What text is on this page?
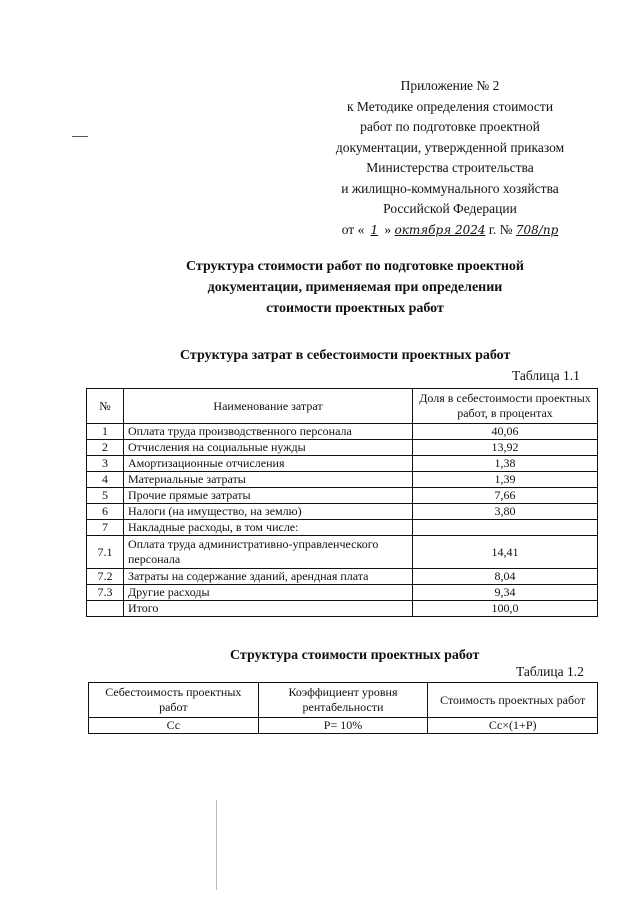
Приложение № 2
к Методике определения стоимости
работ по подготовке проектной
документации, утвержденной приказом
Министерства строительства
и жилищно-коммунального хозяйства
Российской Федерации
от « 1 » октября 2024 г. № 708/пр
Структура стоимости работ по подготовке проектной
документации, применяемая при определении
стоимости проектных работ
Структура затрат в себестоимости проектных работ
Таблица 1.1
№	Наименование затрат	Доля в себестоимости проектных работ, в процентах
1	Оплата труда производственного персонала	40,06
2	Отчисления на социальные нужды	13,92
3	Амортизационные отчисления	1,38
4	Материальные затраты	1,39
5	Прочие прямые затраты	7,66
6	Налоги (на имущество, на землю)	3,80
7	Накладные расходы, в том числе:	
7.1	Оплата труда административно-управленческого персонала	14,41
7.2	Затраты на содержание зданий, арендная плата	8,04
7.3	Другие расходы	9,34
	Итого	100,0
Структура стоимости проектных работ
Таблица 1.2
Себестоимость проектных работ	Коэффициент уровня рентабельности	Стоимость проектных работ
Сс	Р= 10%	Сс×(1+Р)
